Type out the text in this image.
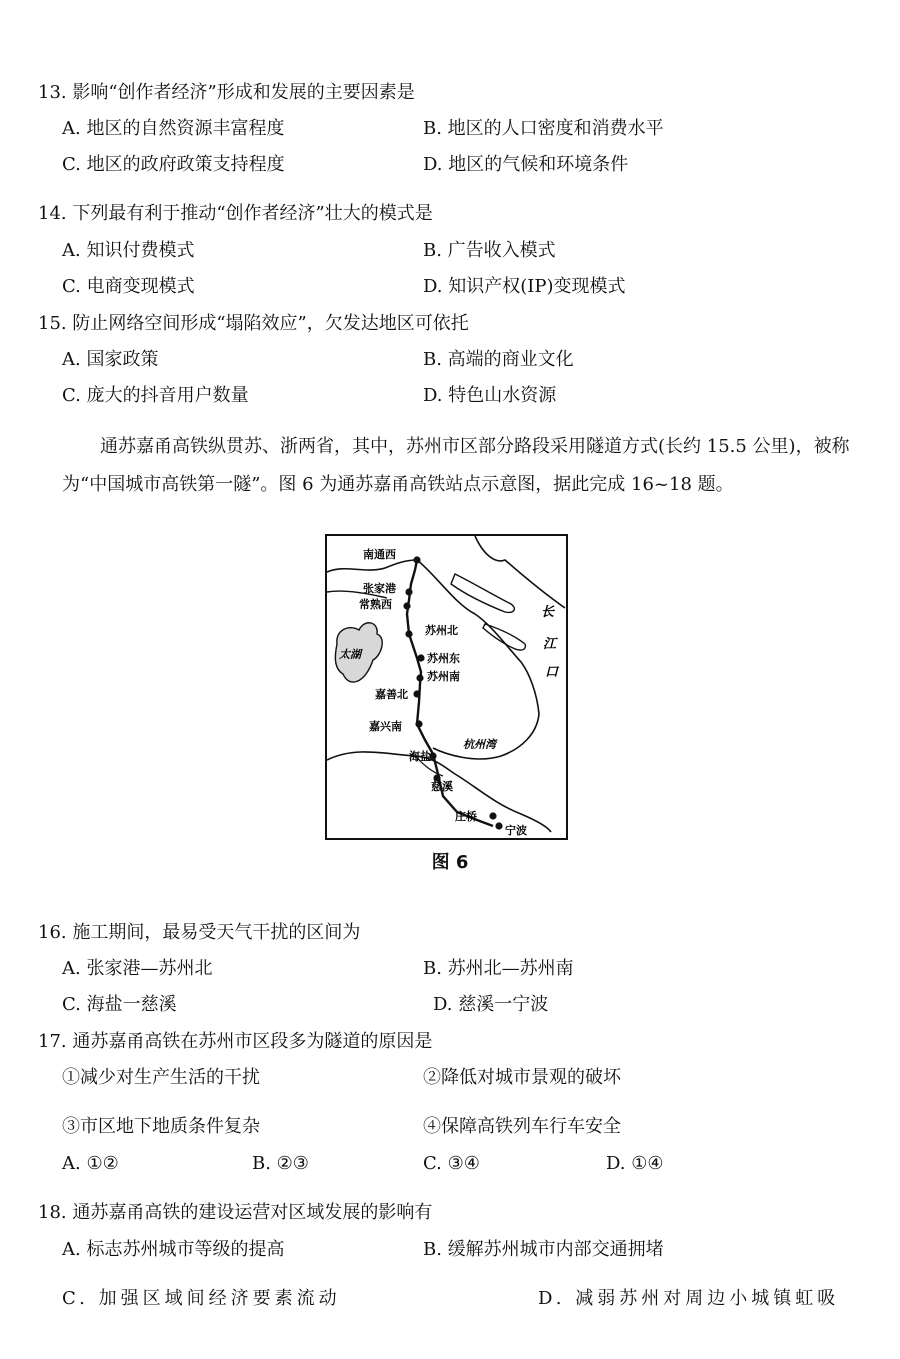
13. 影响“创作者经济”形成和发展的主要因素是
A. 地区的自然资源丰富程度	B. 地区的人口密度和消费水平
C. 地区的政府政策支持程度	D. 地区的气候和环境条件
14. 下列最有利于推动“创作者经济”壮大的模式是
A. 知识付费模式	B. 广告收入模式
C. 电商变现模式	D. 知识产权(IP)变现模式
15. 防止网络空间形成“塌陷效应”，欠发达地区可依托
A. 国家政策	B. 高端的商业文化
C. 庞大的抖音用户数量	D. 特色山水资源
通苏嘉甬高铁纵贯苏、浙两省，其中，苏州市区部分路段采用隧道方式(长约 15.5 公里)，被称为“中国城市高铁第一隧”。图 6 为通苏嘉甬高铁站点示意图，据此完成 16~18 题。
南通西
张家港
常熟西
苏州北
苏州东
苏州南
嘉善北
嘉兴南
海盐
慈溪
庄桥
宁波
太湖
长
江
口
杭州湾
图 6
16. 施工期间，最易受天气干扰的区间为
A. 张家港—苏州北	B. 苏州北—苏州南
C. 海盐一慈溪	D. 慈溪一宁波
17. 通苏嘉甬高铁在苏州市区段多为隧道的原因是
①减少对生产生活的干扰	②降低对城市景观的破坏
③市区地下地质条件复杂	④保障高铁列车行车安全
A. ①②	B. ②③	C. ③④	D. ①④
18. 通苏嘉甬高铁的建设运营对区域发展的影响有
A. 标志苏州城市等级的提高	B. 缓解苏州城市内部交通拥堵
C. 加强区域间经济要素流动	D. 减弱苏州对周边小城镇虹吸
